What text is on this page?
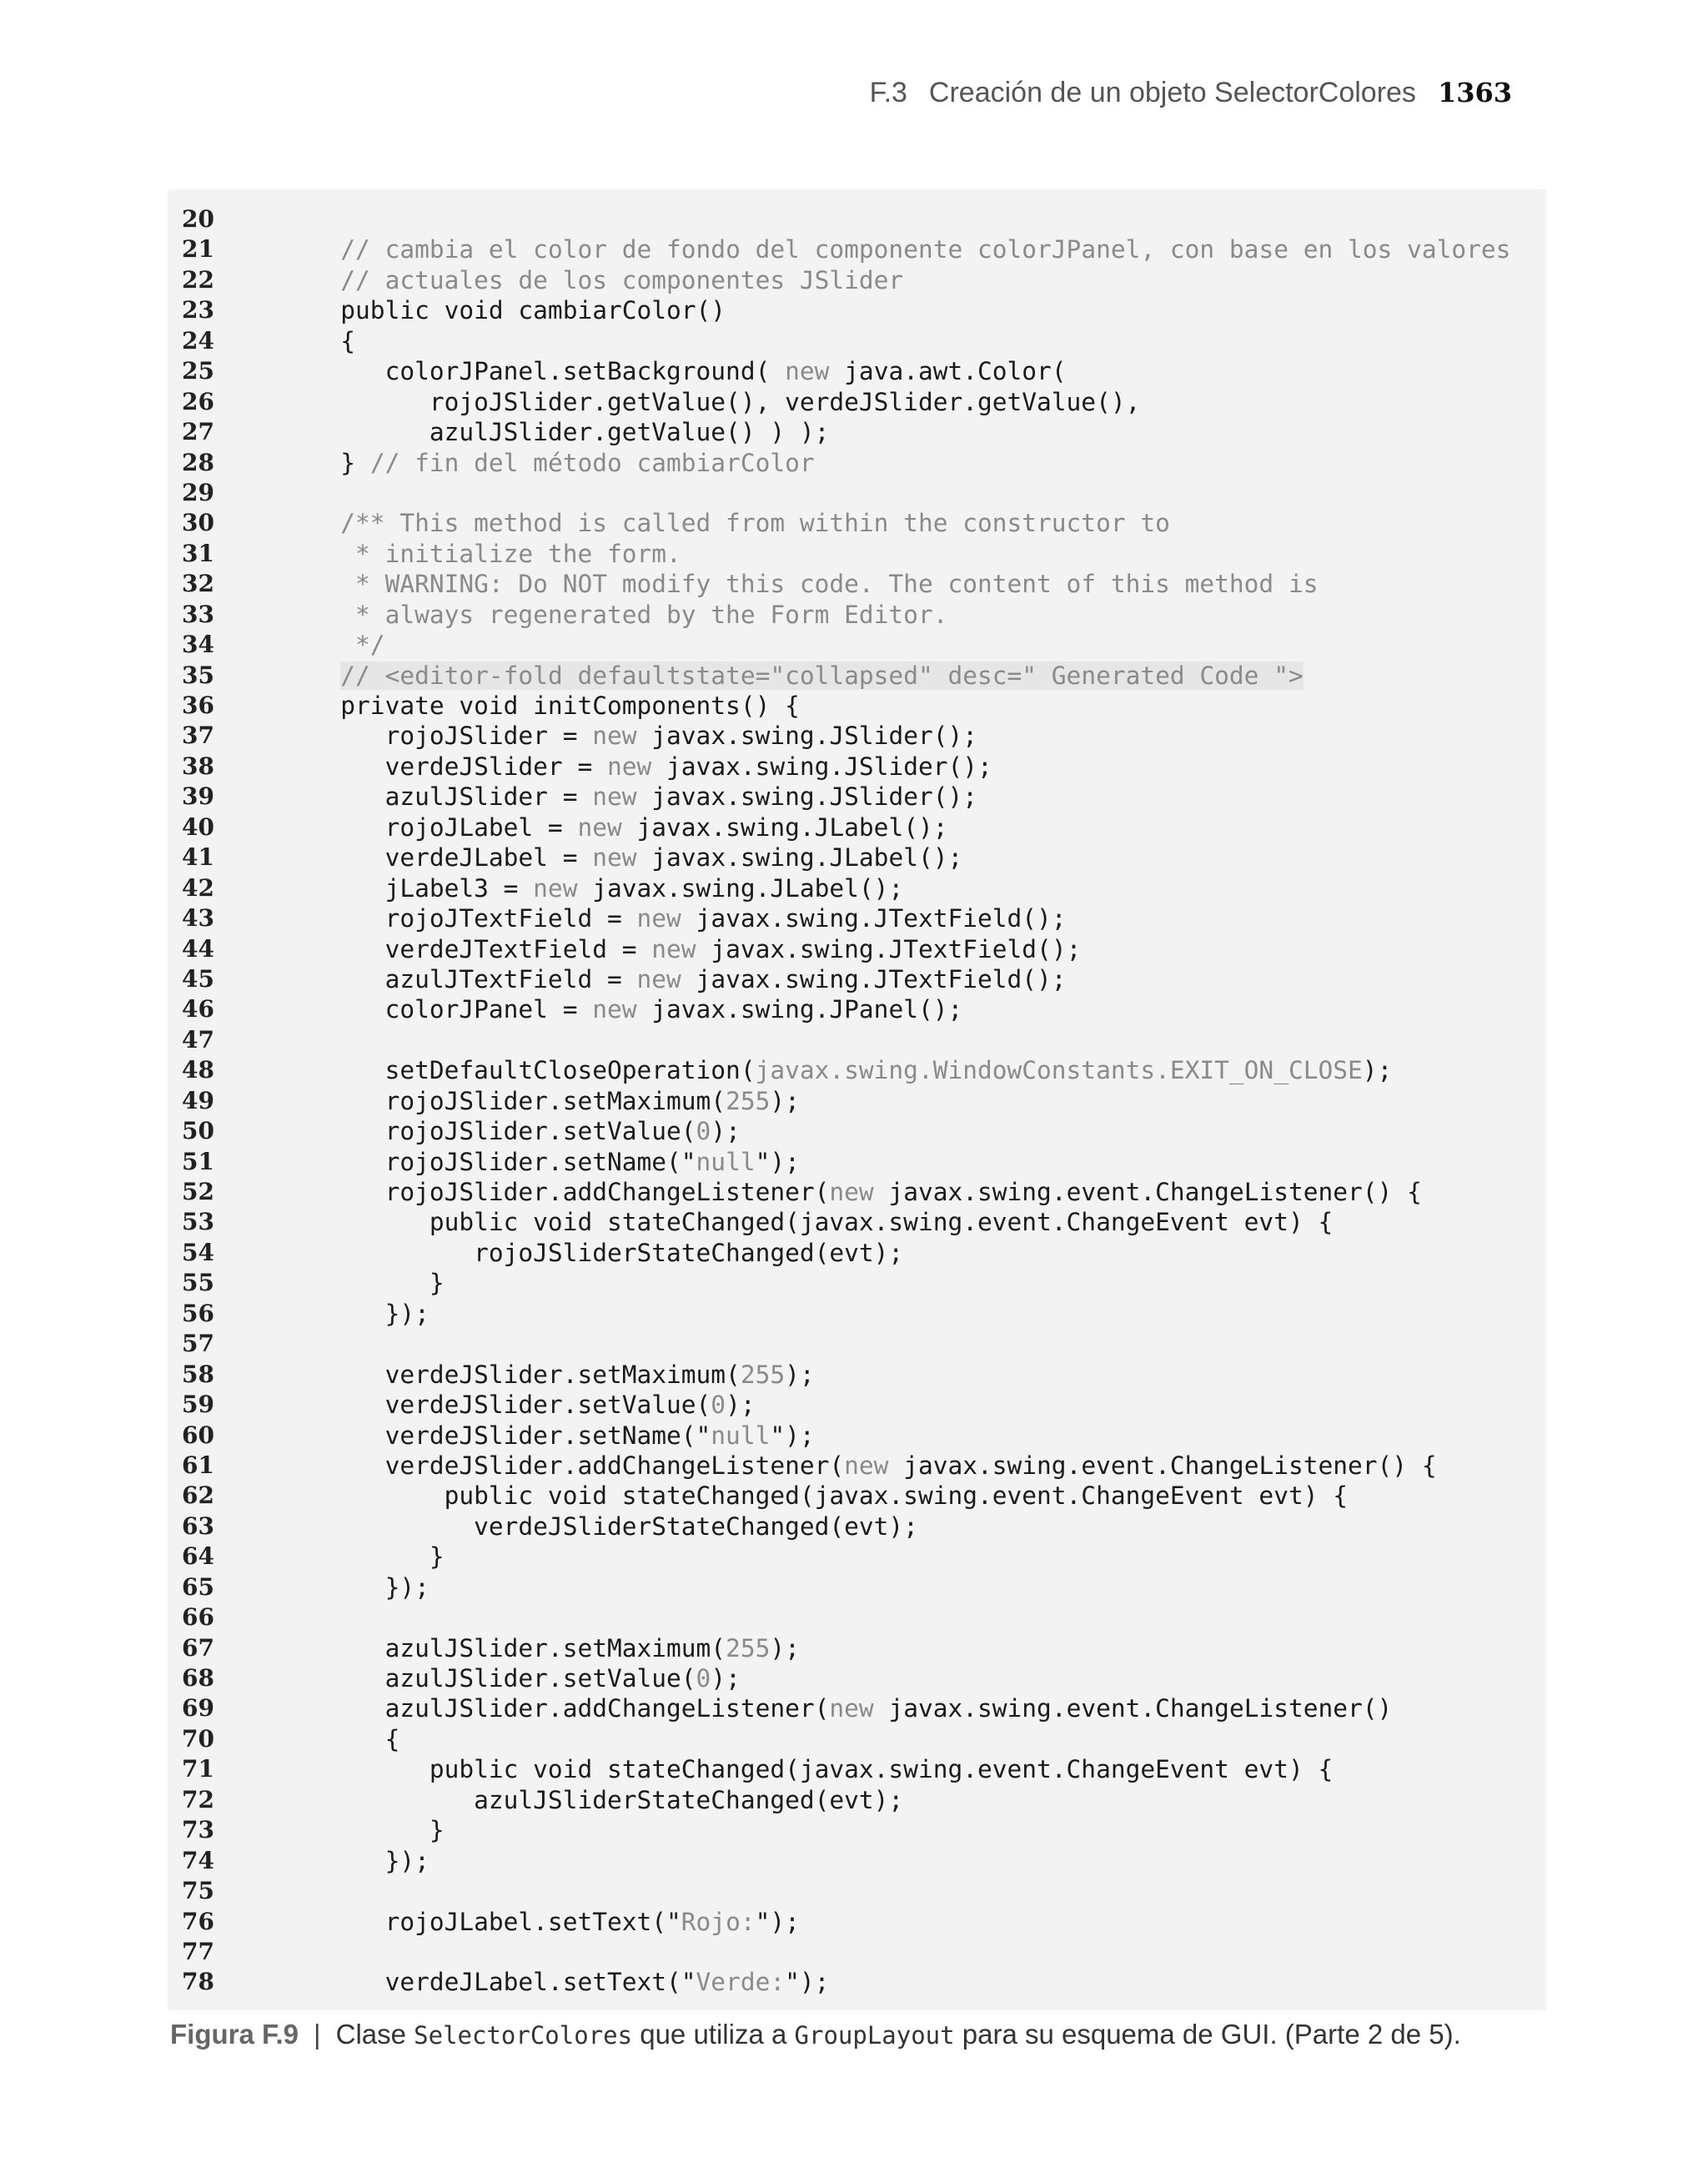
F.3 Creación de un objeto SelectorColores 1363
20
21	// cambia el color de fondo del componente colorJPanel, con base en los valores
22	// actuales de los componentes JSlider
23	public void cambiarColor()
24	{
25	colorJPanel.setBackground( new java.awt.Color(
26	rojoJSlider.getValue(), verdeJSlider.getValue(),
27	azulJSlider.getValue() ) );
28	} // fin del método cambiarColor
29
30	/** This method is called from within the constructor to
31	* initialize the form.
32	* WARNING: Do NOT modify this code. The content of this method is
33	* always regenerated by the Form Editor.
34	*/
35	// <editor-fold defaultstate="collapsed" desc=" Generated Code ">
36	private void initComponents() {
37	rojoJSlider = new javax.swing.JSlider();
38	verdeJSlider = new javax.swing.JSlider();
39	azulJSlider = new javax.swing.JSlider();
40	rojoJLabel = new javax.swing.JLabel();
41	verdeJLabel = new javax.swing.JLabel();
42	jLabel3 = new javax.swing.JLabel();
43	rojoJTextField = new javax.swing.JTextField();
44	verdeJTextField = new javax.swing.JTextField();
45	azulJTextField = new javax.swing.JTextField();
46	colorJPanel = new javax.swing.JPanel();
47
48	setDefaultCloseOperation(javax.swing.WindowConstants.EXIT_ON_CLOSE);
49	rojoJSlider.setMaximum(255);
50	rojoJSlider.setValue(0);
51	rojoJSlider.setName("null");
52	rojoJSlider.addChangeListener(new javax.swing.event.ChangeListener() {
53	public void stateChanged(javax.swing.event.ChangeEvent evt) {
54	rojoJSliderStateChanged(evt);
55	}
56	});
57
58	verdeJSlider.setMaximum(255);
59	verdeJSlider.setValue(0);
60	verdeJSlider.setName("null");
61	verdeJSlider.addChangeListener(new javax.swing.event.ChangeListener() {
62	public void stateChanged(javax.swing.event.ChangeEvent evt) {
63	verdeJSliderStateChanged(evt);
64	}
65	});
66
67	azulJSlider.setMaximum(255);
68	azulJSlider.setValue(0);
69	azulJSlider.addChangeListener(new javax.swing.event.ChangeListener()
70	{
71	public void stateChanged(javax.swing.event.ChangeEvent evt) {
72	azulJSliderStateChanged(evt);
73	}
74	});
75
76	rojoJLabel.setText("Rojo:");
77
78	verdeJLabel.setText("Verde:");
Figura F.9 | Clase SelectorColores que utiliza a GroupLayout para su esquema de GUI. (Parte 2 de 5).
